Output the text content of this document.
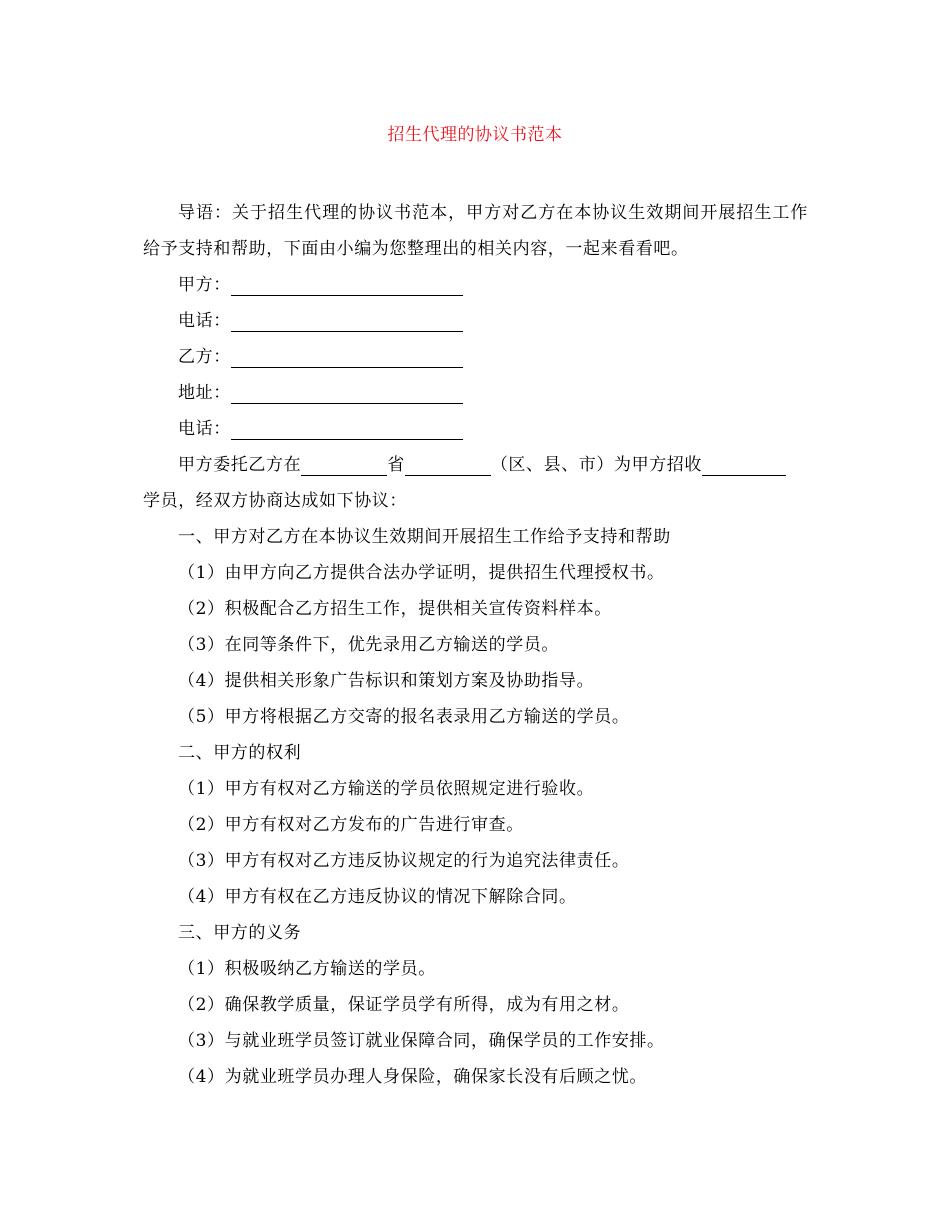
招生代理的协议书范本

导语：关于招生代理的协议书范本，甲方对乙方在本协议生效期间开展招生工作给予支持和帮助，下面由小编为您整理出的相关内容，一起来看看吧。

甲方：
电话：
乙方：
地址：
电话：
甲方委托乙方在	省	（区、县、市）为甲方招收
学员，经双方协商达成如下协议：
一、甲方对乙方在本协议生效期间开展招生工作给予支持和帮助
（1）由甲方向乙方提供合法办学证明，提供招生代理授权书。
（2）积极配合乙方招生工作，提供相关宣传资料样本。
（3）在同等条件下，优先录用乙方输送的学员。
（4）提供相关形象广告标识和策划方案及协助指导。
（5）甲方将根据乙方交寄的报名表录用乙方输送的学员。
二、甲方的权利
（1）甲方有权对乙方输送的学员依照规定进行验收。
（2）甲方有权对乙方发布的广告进行审查。
（3）甲方有权对乙方违反协议规定的行为追究法律责任。
（4）甲方有权在乙方违反协议的情况下解除合同。
三、甲方的义务
（1）积极吸纳乙方输送的学员。
（2）确保教学质量，保证学员学有所得，成为有用之材。
（3）与就业班学员签订就业保障合同，确保学员的工作安排。
（4）为就业班学员办理人身保险，确保家长没有后顾之忧。
